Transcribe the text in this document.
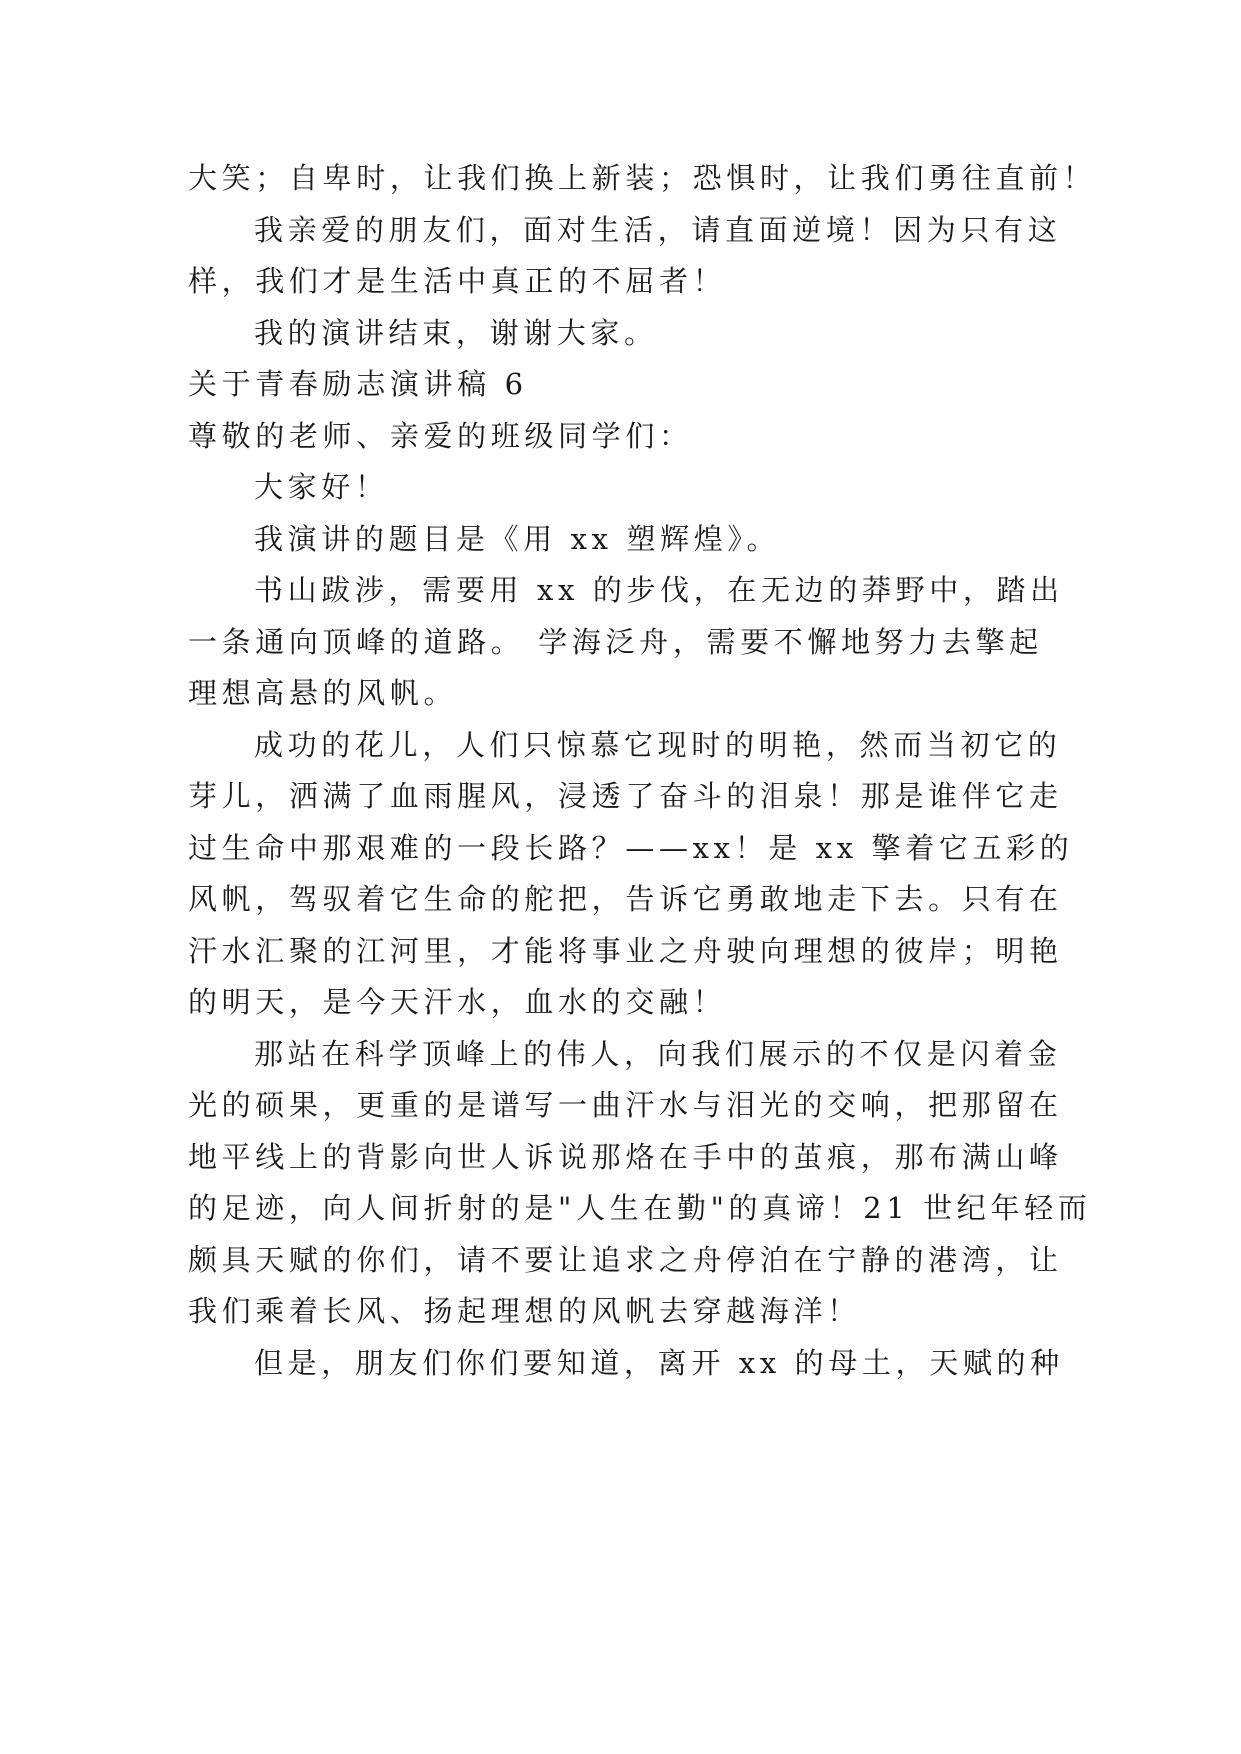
大笑；自卑时，让我们换上新装；恐惧时，让我们勇往直前！
我亲爱的朋友们，面对生活，请直面逆境！因为只有这
样，我们才是生活中真正的不屈者！
我的演讲结束，谢谢大家。
关于青春励志演讲稿 6
尊敬的老师、亲爱的班级同学们：
大家好！
我演讲的题目是《用 xx 塑辉煌》。
书山跋涉，需要用 xx 的步伐，在无边的莽野中，踏出
一条通向顶峰的道路。 学海泛舟，需要不懈地努力去擎起
理想高悬的风帆。
成功的花儿，人们只惊慕它现时的明艳，然而当初它的
芽儿，洒满了血雨腥风，浸透了奋斗的泪泉！那是谁伴它走
过生命中那艰难的一段长路？——xx！是 xx 擎着它五彩的
风帆，驾驭着它生命的舵把，告诉它勇敢地走下去。只有在
汗水汇聚的江河里，才能将事业之舟驶向理想的彼岸；明艳
的明天，是今天汗水，血水的交融！
那站在科学顶峰上的伟人，向我们展示的不仅是闪着金
光的硕果，更重的是谱写一曲汗水与泪光的交响，把那留在
地平线上的背影向世人诉说那烙在手中的茧痕，那布满山峰
的足迹，向人间折射的是"人生在勤"的真谛！21 世纪年轻而
颇具天赋的你们，请不要让追求之舟停泊在宁静的港湾，让
我们乘着长风、扬起理想的风帆去穿越海洋！
但是，朋友们你们要知道，离开 xx 的母土，天赋的种
